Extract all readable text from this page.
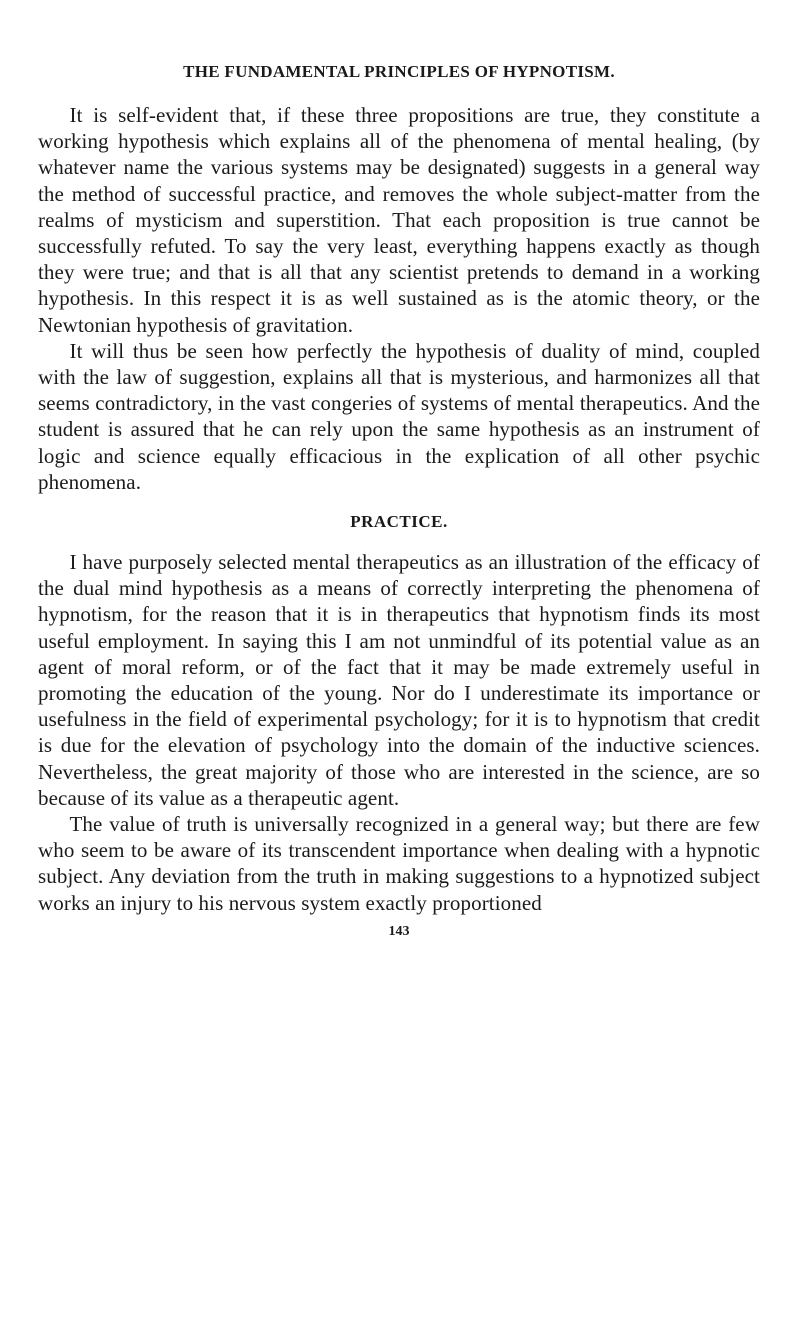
THE FUNDAMENTAL PRINCIPLES OF HYPNOTISM.

It is self-evident that, if these three propositions are true, they constitute a working hypothesis which explains all of the phenomena of mental healing, (by whatever name the various systems may be designated) suggests in a general way the method of successful practice, and removes the whole subject-matter from the realms of mysticism and superstition. That each proposition is true cannot be successfully refuted. To say the very least, everything happens exactly as though they were true; and that is all that any scientist pretends to demand in a working hypothesis. In this respect it is as well sustained as is the atomic theory, or the Newtonian hypothesis of gravitation.

It will thus be seen how perfectly the hypothesis of duality of mind, coupled with the law of suggestion, explains all that is mysterious, and harmonizes all that seems contradictory, in the vast congeries of systems of mental therapeutics. And the student is assured that he can rely upon the same hypothesis as an instrument of logic and science equally efficacious in the explication of all other psychic phenomena.

PRACTICE.

I have purposely selected mental therapeutics as an illustration of the efficacy of the dual mind hypothesis as a means of correctly interpreting the phenomena of hypnotism, for the reason that it is in therapeutics that hypnotism finds its most useful employment. In saying this I am not unmindful of its potential value as an agent of moral reform, or of the fact that it may be made extremely useful in promoting the education of the young. Nor do I underestimate its importance or usefulness in the field of experimental psychology; for it is to hypnotism that credit is due for the elevation of psychology into the domain of the inductive sciences. Nevertheless, the great majority of those who are interested in the science, are so because of its value as a therapeutic agent.

The value of truth is universally recognized in a general way; but there are few who seem to be aware of its transcendent importance when dealing with a hypnotic subject. Any deviation from the truth in making suggestions to a hypnotized subject works an injury to his nervous system exactly proportioned

143
